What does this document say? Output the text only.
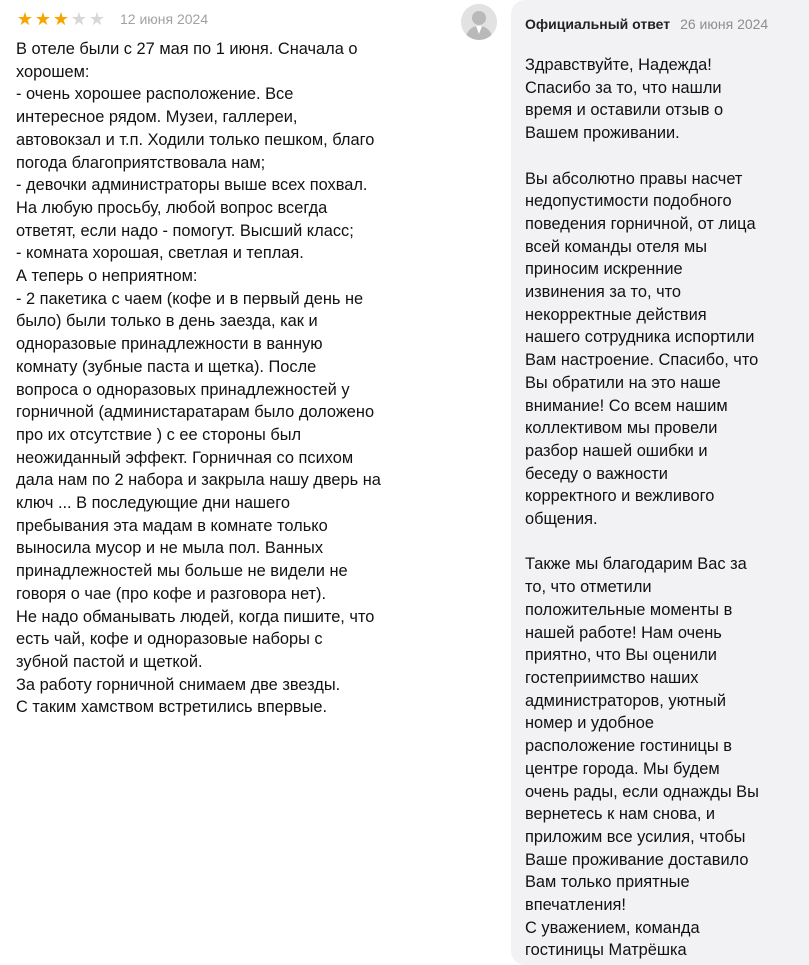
★ ★ ★ ★ ★ 12 июня 2024
В отеле были с 27 мая по 1 июня. Сначала о
хорошем:
- очень хорошее расположение. Все
интересное рядом. Музеи, галлереи,
автовокзал и т.п. Ходили только пешком, благо
погода благоприятствовала нам;
- девочки администраторы выше всех похвал.
На любую просьбу, любой вопрос всегда
ответят, если надо - помогут. Высший класс;
- комната хорошая, светлая и теплая.
А теперь о неприятном:
- 2 пакетика с чаем (кофе и в первый день не
было) были только в день заезда, как и
одноразовые принадлежности в ванную
комнату (зубные паста и щетка). После
вопроса о одноразовых принадлежностей у
горничной (администаратарам было доложено
про их отсутствие ) с ее стороны был
неожиданный эффект. Горничная со психом
дала нам по 2 набора и закрыла нашу дверь на
ключ ... В последующие дни нашего
пребывания эта мадам в комнате только
выносила мусор и не мыла пол. Ванных
принадлежностей мы больше не видели не
говоря о чае (про кофе и разговора нет).
Не надо обманывать людей, когда пишите, что
есть чай, кофе и одноразовые наборы с
зубной пастой и щеткой.
За работу горничной снимаем две звезды.
С таким хамством встретились впервые.
Официальный ответ 26 июня 2024
Здравствуйте, Надежда!
Спасибо за то, что нашли
время и оставили отзыв о
Вашем проживании.

Вы абсолютно правы насчет
недопустимости подобного
поведения горничной, от лица
всей команды отеля мы
приносим искренние
извинения за то, что
некорректные действия
нашего сотрудника испортили
Вам настроение. Спасибо, что
Вы обратили на это наше
внимание! Со всем нашим
коллективом мы провели
разбор нашей ошибки и
беседу о важности
корректного и вежливого
общения.

Также мы благодарим Вас за
то, что отметили
положительные моменты в
нашей работе! Нам очень
приятно, что Вы оценили
гостеприимство наших
администраторов, уютный
номер и удобное
расположение гостиницы в
центре города. Мы будем
очень рады, если однажды Вы
вернетесь к нам снова, и
приложим все усилия, чтобы
Ваше проживание доставило
Вам только приятные
впечатления!
С уважением, команда
гостиницы Матрёшка
